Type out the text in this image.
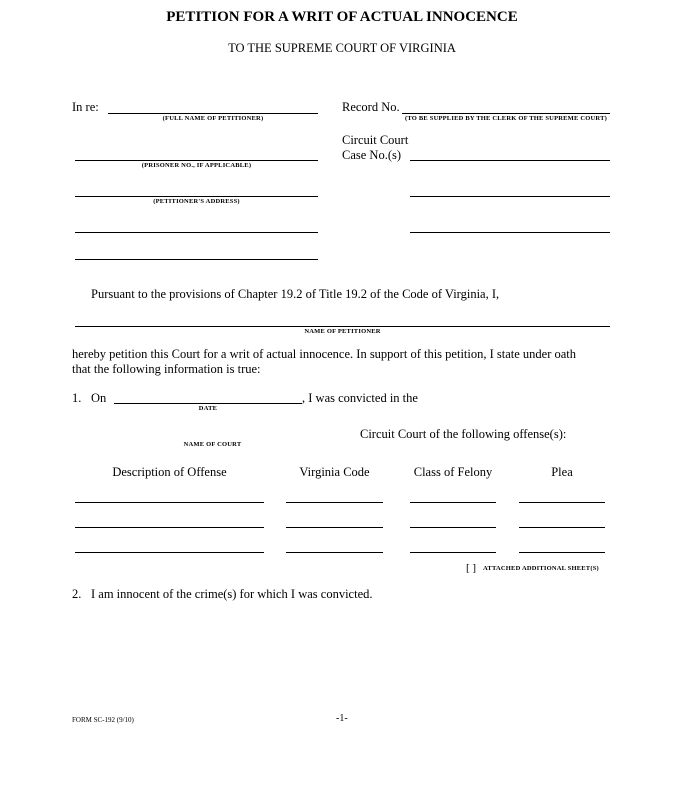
PETITION FOR A WRIT OF ACTUAL INNOCENCE
TO THE SUPREME COURT OF VIRGINIA
In re:
(FULL NAME OF PETITIONER)
(PRISONER NO., IF APPLICABLE)
(PETITIONER'S ADDRESS)
Record No.
(TO BE SUPPLIED BY THE CLERK OF THE SUPREME COURT)
Circuit Court
Case No.(s)
Pursuant to the provisions of Chapter 19.2 of Title 19.2 of the Code of Virginia, I,
NAME OF PETITIONER
hereby petition this Court for a writ of actual innocence. In support of this petition, I state under oath
that the following information is true:
1. On	, I was convicted in the
DATE
NAME OF COURT
Circuit Court of the following offense(s):
Description of Offense	Virginia Code	Class of Felony	Plea
[ ] ATTACHED ADDITIONAL SHEET(S)
2. I am innocent of the crime(s) for which I was convicted.
FORM SC-192 (9/10)	-1-
